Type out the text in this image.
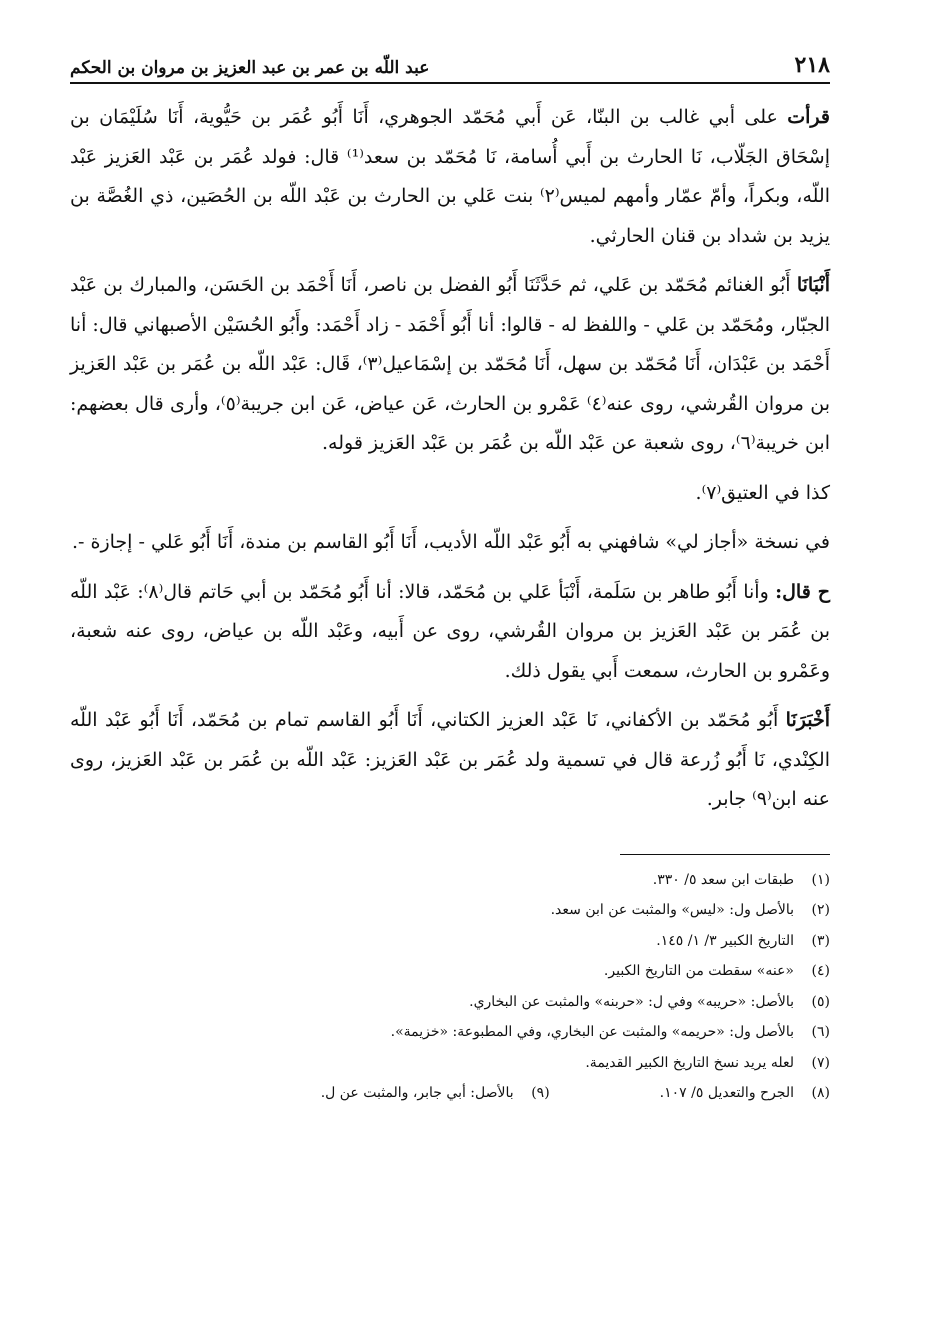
٢١٨
عبد اللّه بن عمر بن عبد العزيز بن مروان بن الحكم

قرأت على أبي غالب بن البنّا، عَن أَبي مُحَمّد الجوهري، أَنَا أَبُو عُمَر بن حَيُّوية، أَنَا سُلَيْمَان بن إسْحَاق الجَلّاب، نَا الحارث بن أَبي أُسامة، نَا مُحَمّد بن سعد⁽¹⁾ قال: فولد عُمَر بن عَبْد العَزيز عَبْد اللّه، وبكراً، وأمّ عمّار وأمهم لميس⁽٢⁾ بنت عَلي بن الحارث بن عَبْد اللّه بن الحُصَين، ذي الغُصَّة بن يزيد بن شداد بن قنان الحارثي.

أَنْبَانَا أَبُو الغنائم مُحَمّد بن عَلي، ثم حَدَّثَنَا أَبُو الفضل بن ناصر، أَنَا أَحْمَد بن الحَسَن، والمبارك بن عَبْد الجبّار، ومُحَمّد بن عَلي - واللفظ له - قالوا: أنا أَبُو أَحْمَد - زاد أَحْمَد: وأَبُو الحُسَيْن الأصبهاني قال: أنا أَحْمَد بن عَبْدَان، أَنَا مُحَمّد بن سهل، أَنَا مُحَمّد بن إسْمَاعيل⁽٣⁾، قَال: عَبْد اللّه بن عُمَر بن عَبْد العَزيز بن مروان القُرشي، روى عنه⁽٤⁾ عَمْرو بن الحارث، عَن عياض، عَن ابن جريبة⁽٥⁾، وأرى قال بعضهم: ابن خريبة⁽٦⁾، روى شعبة عن عَبْد اللّه بن عُمَر بن عَبْد العَزيز قوله.

كذا في العتيق⁽٧⁾.

في نسخة «أجاز لي» شافهني به أَبُو عَبْد اللّه الأديب، أَنَا أَبُو القاسم بن مندة، أَنَا أَبُو عَلي - إجازة -.

ح قال: وأنا أَبُو طاهر بن سَلَمة، أَنْبَأ عَلي بن مُحَمّد، قالا: أنا أَبُو مُحَمّد بن أبي حَاتم قال⁽٨⁾: عَبْد اللّه بن عُمَر بن عَبْد العَزيز بن مروان القُرشي، روى عن أَبيه، وعَبْد اللّه بن عياض، روى عنه شعبة، وعَمْرو بن الحارث، سمعت أَبي يقول ذلك.

أَخْبَرَنَا أَبُو مُحَمّد بن الأكفاني، نَا عَبْد العزيز الكتاني، أَنَا أَبُو القاسم تمام بن مُحَمّد، أَنَا أَبُو عَبْد اللّه الكِنْدي، نَا أَبُو زُرعة قال في تسمية ولد عُمَر بن عَبْد العَزيز: عَبْد اللّه بن عُمَر بن عَبْد العَزيز، روى عنه ابن⁽٩⁾ جابر.

(١)
طبقات ابن سعد ٥/ ٣٣٠.
(٢)
بالأصل ول: «ليس» والمثبت عن ابن سعد.
(٣)
التاريخ الكبير ٣/ ١/ ١٤٥.
(٤)
«عنه» سقطت من التاريخ الكبير.
(٥)
بالأصل: «حريبه» وفي ل: «حربنه» والمثبت عن البخاري.
(٦)
بالأصل ول: «حريمه» والمثبت عن البخاري، وفي المطبوعة: «خزيمة».
(٧)
لعله يريد نسخ التاريخ الكبير القديمة.
(٨)
الجرح والتعديل ٥/ ١٠٧.
(٩)
بالأصل: أبي جابر، والمثبت عن ل.
